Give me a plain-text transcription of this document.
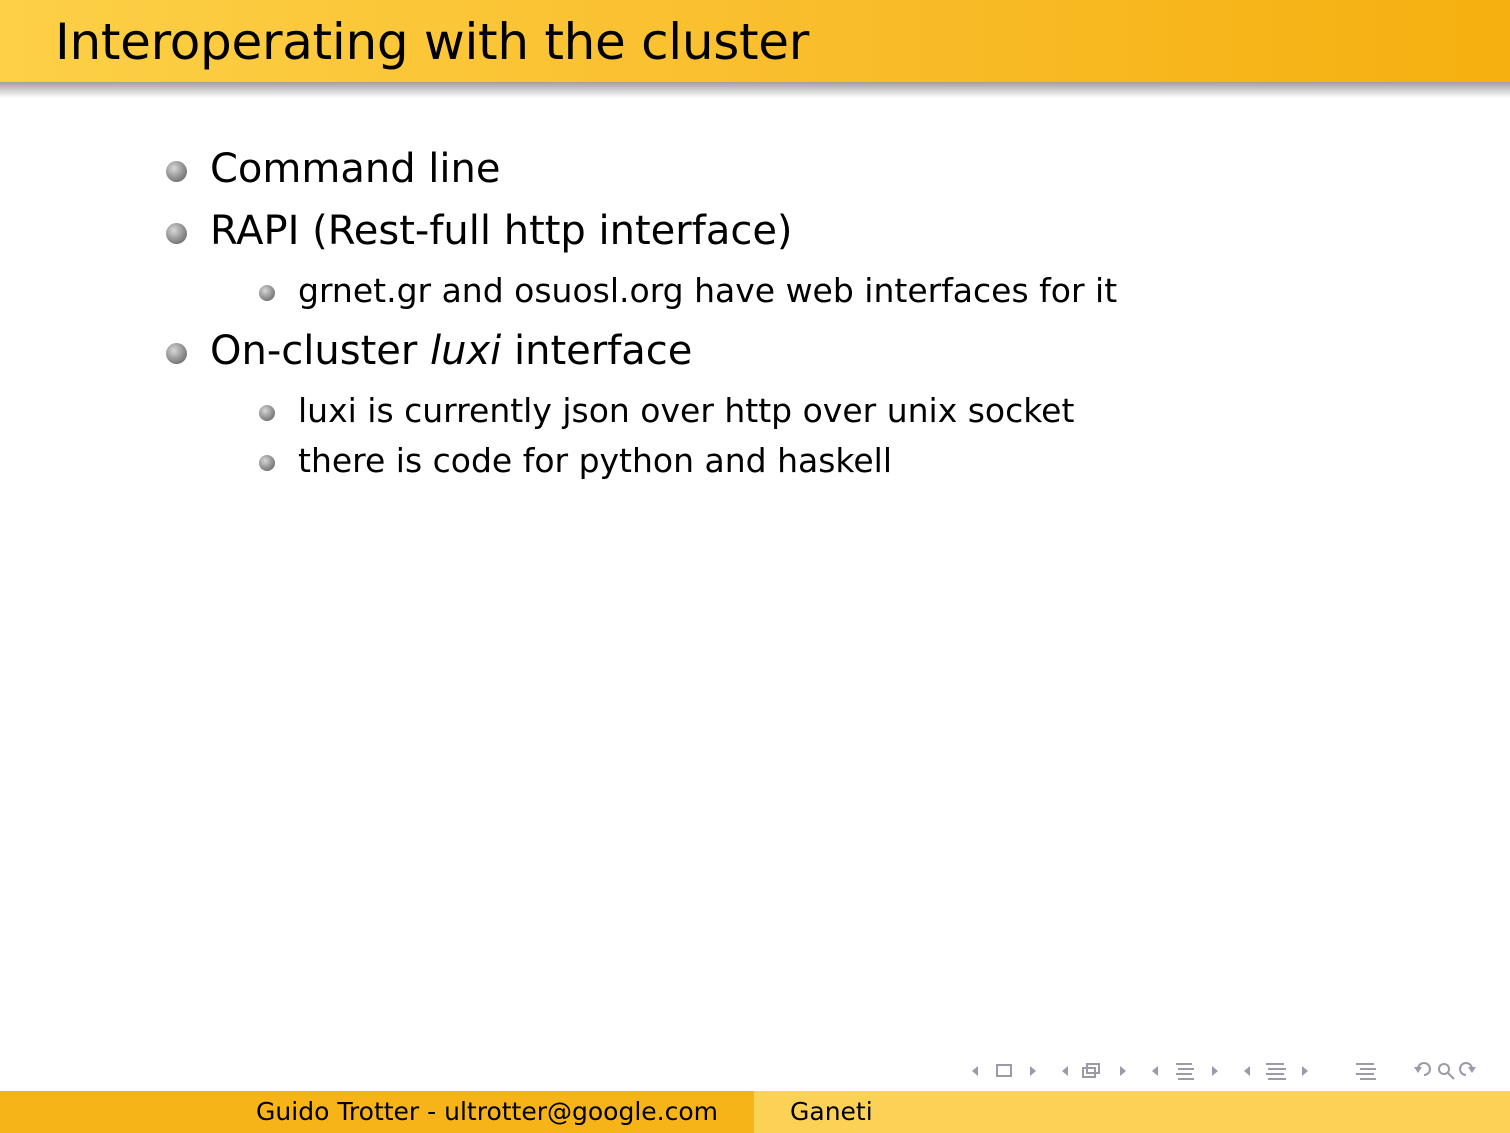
Interoperating with the cluster
Command line
RAPI (Rest-full http interface)
grnet.gr and osuosl.org have web interfaces for it
On-cluster luxi interface
luxi is currently json over http over unix socket
there is code for python and haskell
Guido Trotter - ultrotter@google.com	Ganeti
